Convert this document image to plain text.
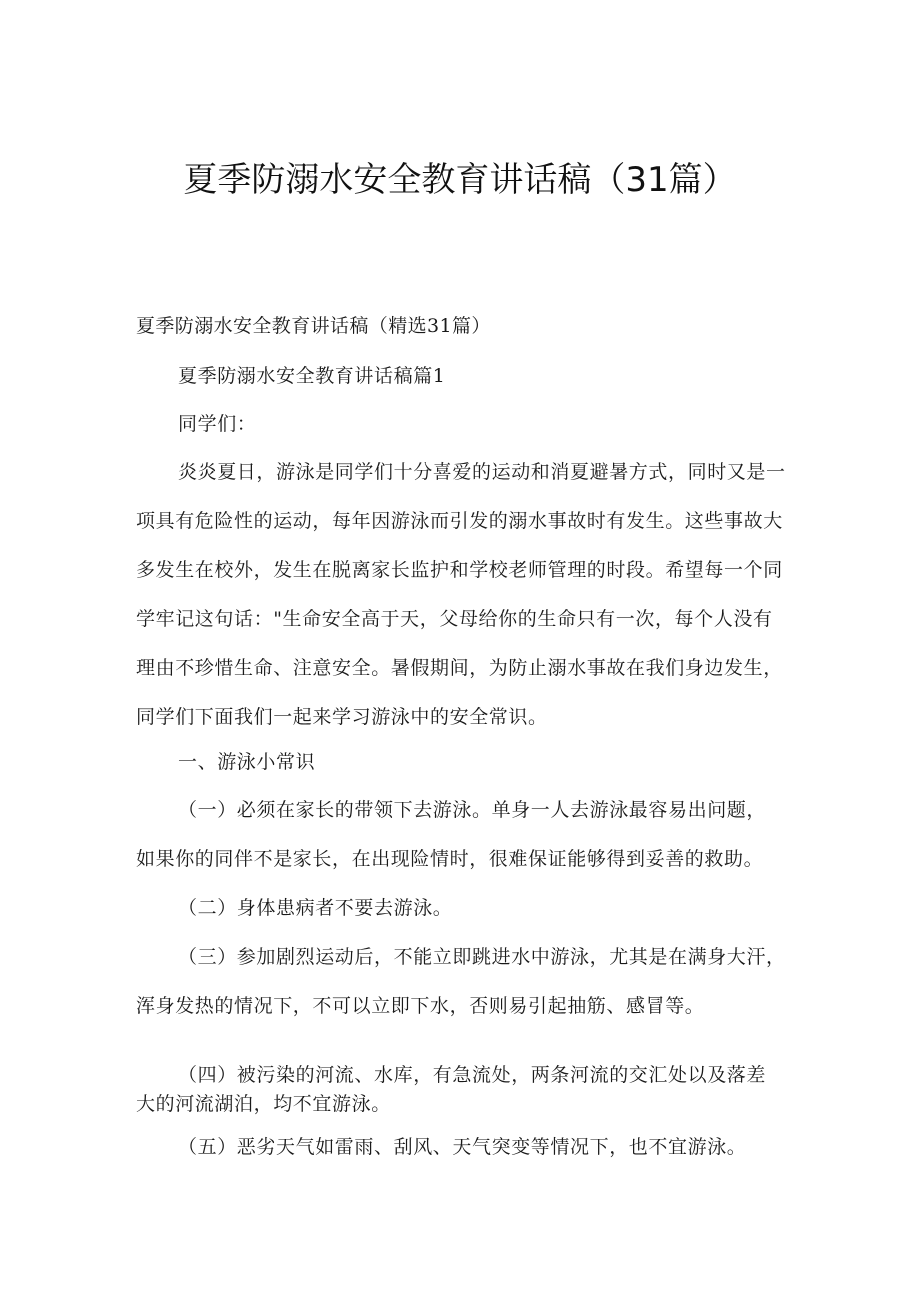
夏季防溺水安全教育讲话稿（31篇）
夏季防溺水安全教育讲话稿（精选31篇）
夏季防溺水安全教育讲话稿篇1
同学们：
炎炎夏日，游泳是同学们十分喜爱的运动和消夏避暑方式，同时又是一
项具有危险性的运动，每年因游泳而引发的溺水事故时有发生。这些事故大
多发生在校外，发生在脱离家长监护和学校老师管理的时段。希望每一个同
学牢记这句话："生命安全高于天，父母给你的生命只有一次，每个人没有
理由不珍惜生命、注意安全。暑假期间，为防止溺水事故在我们身边发生，
同学们下面我们一起来学习游泳中的安全常识。
一、游泳小常识
（一）必须在家长的带领下去游泳。单身一人去游泳最容易出问题，
如果你的同伴不是家长，在出现险情时，很难保证能够得到妥善的救助。
（二）身体患病者不要去游泳。
（三）参加剧烈运动后，不能立即跳进水中游泳，尤其是在满身大汗，
浑身发热的情况下，不可以立即下水，否则易引起抽筋、感冒等。
（四）被污染的河流、水库，有急流处，两条河流的交汇处以及落差
大的河流湖泊，均不宜游泳。
（五）恶劣天气如雷雨、刮风、天气突变等情况下，也不宜游泳。
